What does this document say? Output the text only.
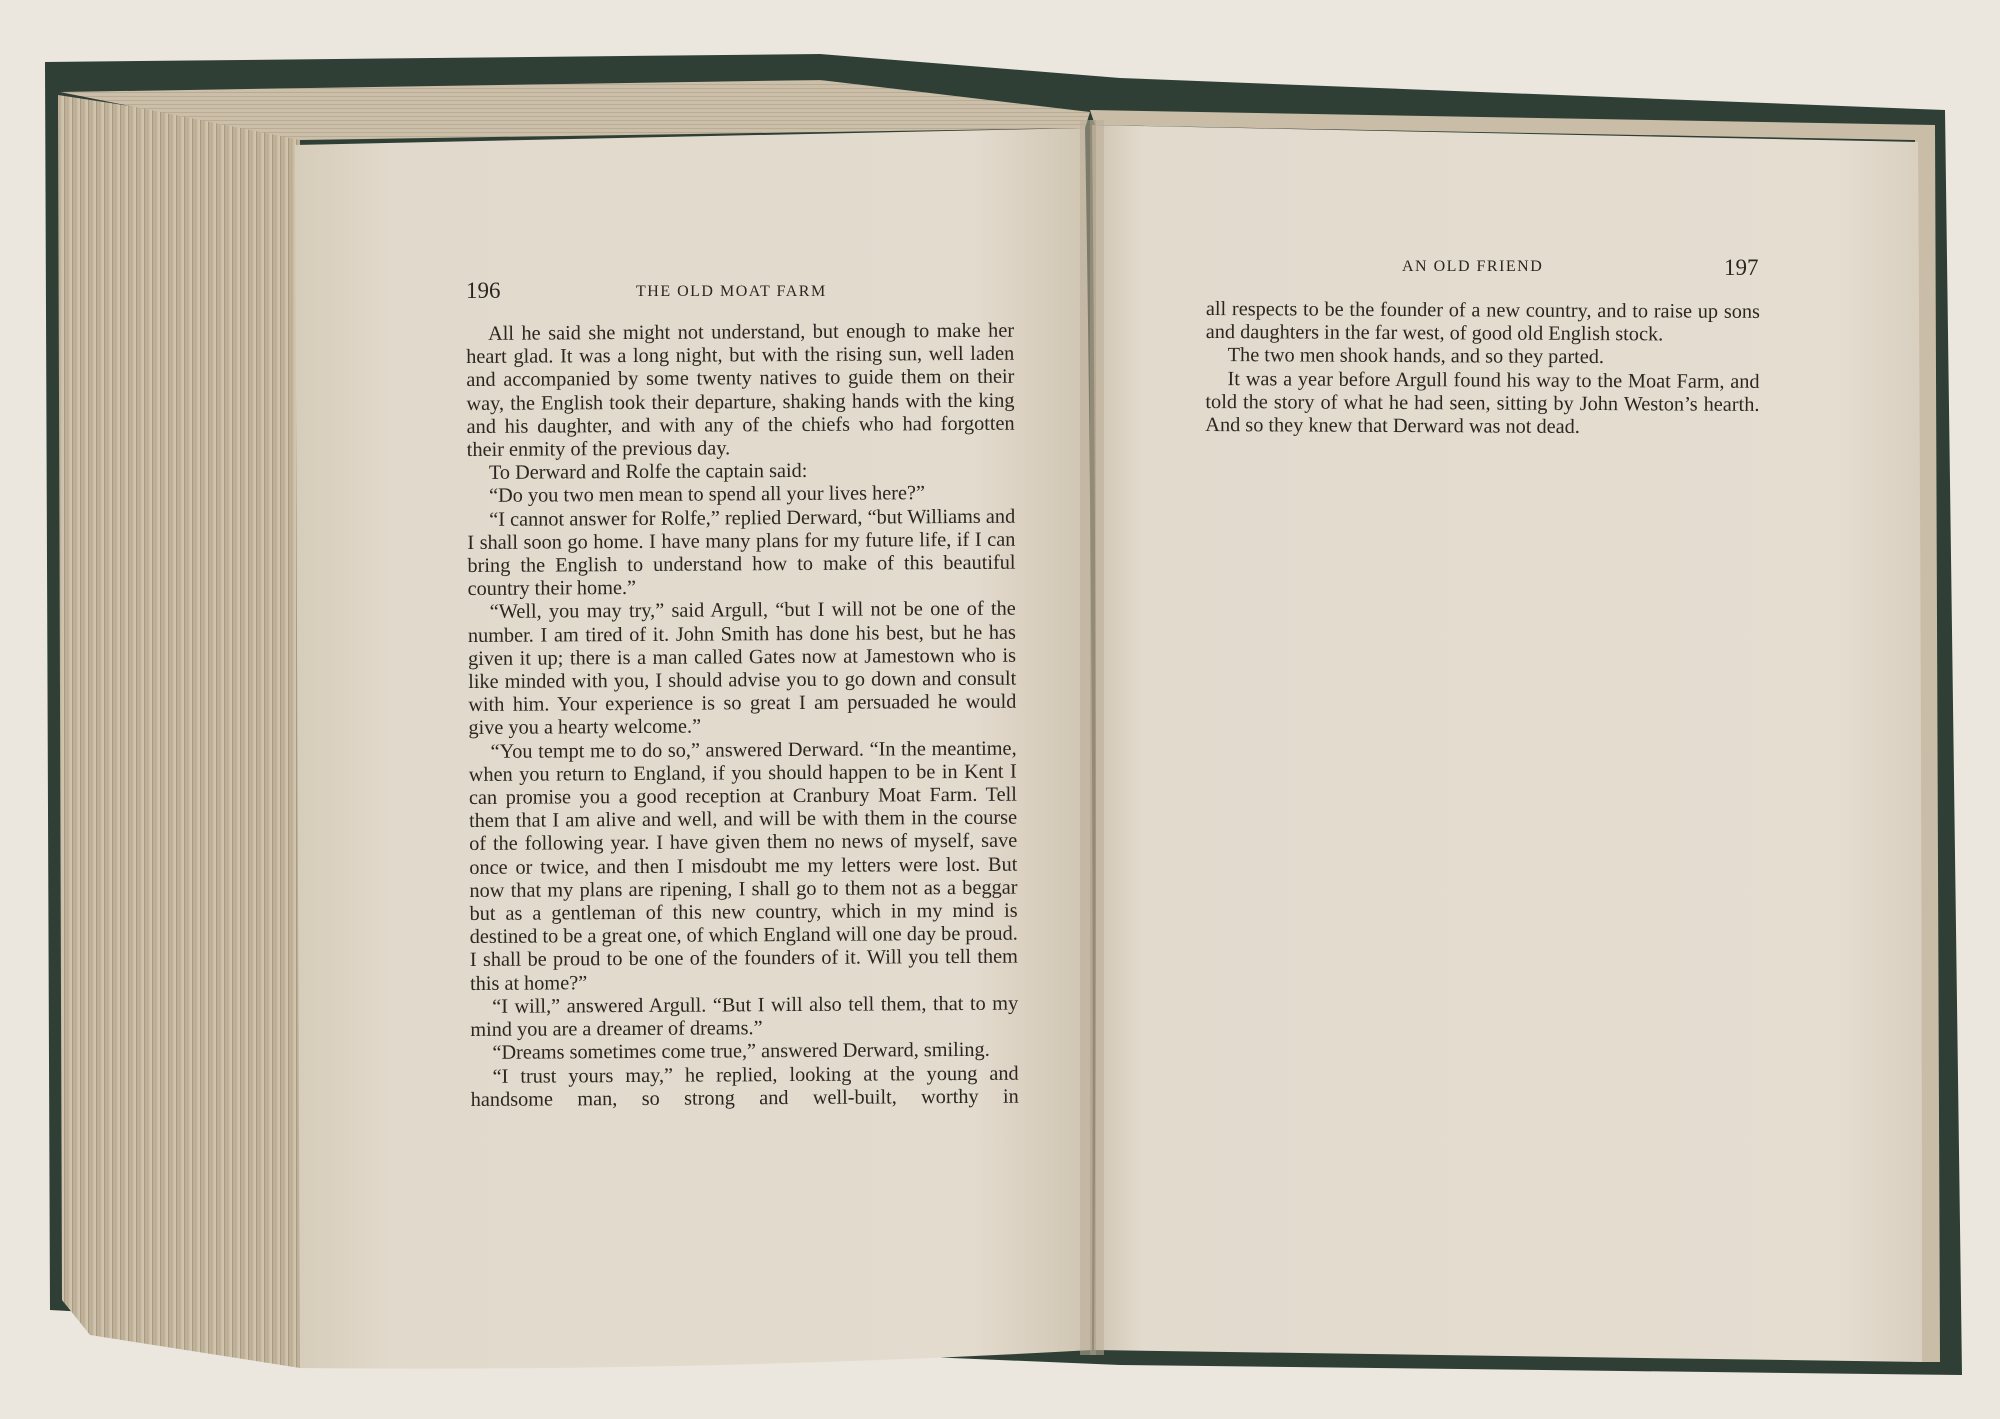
196	THE OLD MOAT FARM

All he said she might not understand, but enough to make her heart glad. It was a long night, but with the rising sun, well laden and accompanied by some twenty natives to guide them on their way, the English took their departure, shaking hands with the king and his daughter, and with any of the chiefs who had forgotten their enmity of the previous day.

To Derward and Rolfe the captain said:

“Do you two men mean to spend all your lives here?”

“I cannot answer for Rolfe,” replied Derward, “but Williams and I shall soon go home. I have many plans for my future life, if I can bring the English to understand how to make of this beautiful country their home.”

“Well, you may try,” said Argull, “but I will not be one of the number. I am tired of it. John Smith has done his best, but he has given it up; there is a man called Gates now at Jamestown who is like minded with you, I should advise you to go down and consult with him. Your experience is so great I am persuaded he would give you a hearty welcome.”

“You tempt me to do so,” answered Derward. “In the meantime, when you return to England, if you should happen to be in Kent I can promise you a good reception at Cranbury Moat Farm. Tell them that I am alive and well, and will be with them in the course of the following year. I have given them no news of myself, save once or twice, and then I misdoubt me my letters were lost. But now that my plans are ripening, I shall go to them not as a beggar but as a gentleman of this new country, which in my mind is destined to be a great one, of which England will one day be proud. I shall be proud to be one of the founders of it. Will you tell them this at home?”

“I will,” answered Argull. “But I will also tell them, that to my mind you are a dreamer of dreams.”

“Dreams sometimes come true,” answered Derward, smiling.

“I trust yours may,” he replied, looking at the young and handsome man, so strong and well-built, worthy in

AN OLD FRIEND	197

all respects to be the founder of a new country, and to raise up sons and daughters in the far west, of good old English stock.

The two men shook hands, and so they parted.

It was a year before Argull found his way to the Moat Farm, and told the story of what he had seen, sitting by John Weston’s hearth. And so they knew that Derward was not dead.
